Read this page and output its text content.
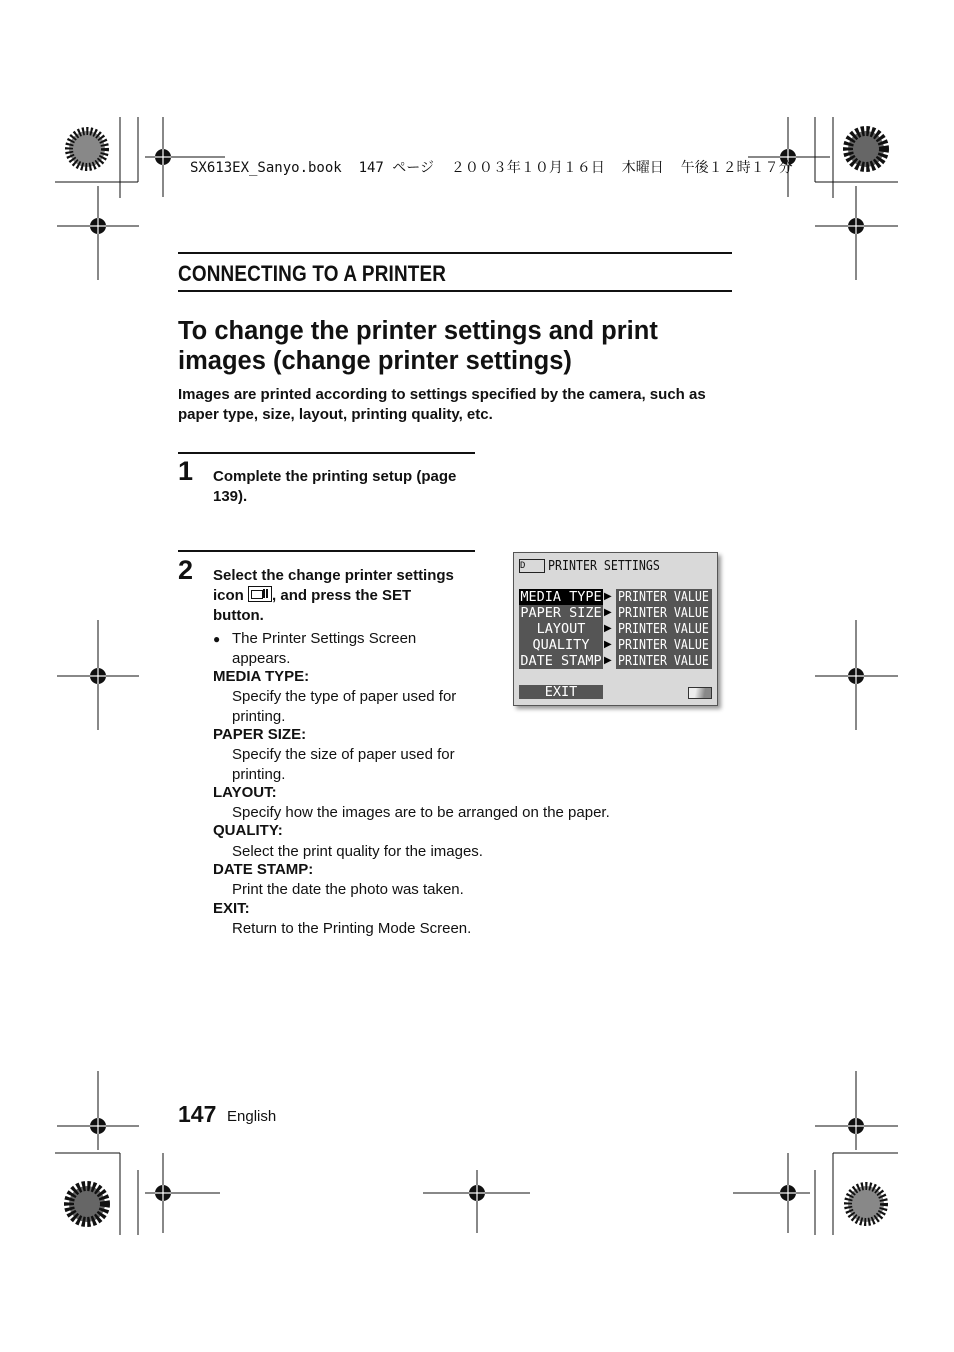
SX613EX_Sanyo.book  147 ページ  ２００３年１０月１６日  木曜日  午後１２時１７分
CONNECTING TO A PRINTER
To change the printer settings and print
images (change printer settings)
Images are printed according to settings specified by the camera, such as
paper type, size, layout, printing quality, etc.
1 Complete the printing setup (page
139).
2 Select the change printer settings
icon , and press the SET
button.
● The Printer Settings Screen
appears.
MEDIA TYPE:
Specify the type of paper used for
printing.
PAPER SIZE:
Specify the size of paper used for
printing.
LAYOUT:
Specify how the images are to be arranged on the paper.
QUALITY:
Select the print quality for the images.
DATE STAMP:
Print the date the photo was taken.
EXIT:
Return to the Printing Mode Screen.
D	PRINTER SETTINGS
MEDIA TYPE
PAPER SIZE
LAYOUT
QUALITY
DATE STAMP
▶
▶
▶
▶
▶
PRINTER VALUE
PRINTER VALUE
PRINTER VALUE
PRINTER VALUE
PRINTER VALUE
EXIT
147 English
